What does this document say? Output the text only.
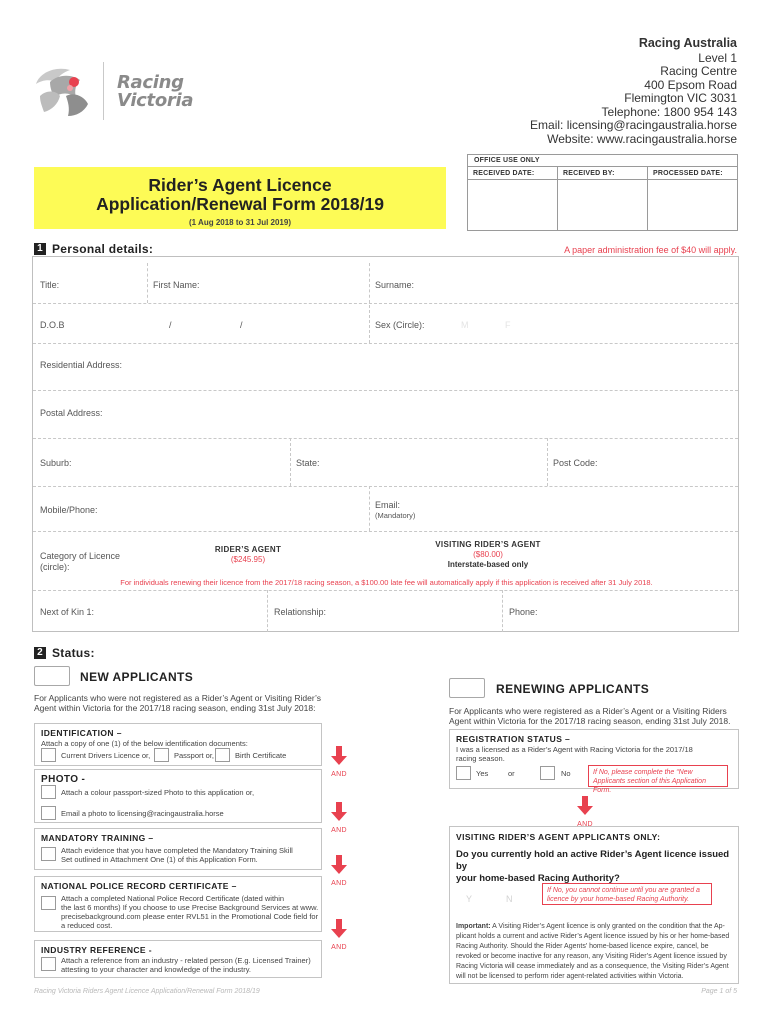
Racing
Victoria
Racing Australia
Level 1
Racing Centre
400 Epsom Road
Flemington VIC 3031
Telephone: 1800 954 143
Email: licensing@racingaustralia.horse
Website: www.racingaustralia.horse
OFFICE USE ONLY
RECEIVED DATE:	RECEIVED BY:	PROCESSED DATE:
Rider’s Agent Licence
Application/Renewal Form 2018/19
(1 Aug 2018 to 31 Jul 2019)
1 Personal details:	A paper administration fee of $40 will apply.
Title:	First Name:	Surname:
D.O.B	/	/	Sex (Circle):	M	F
Residential Address:
Postal Address:
Suburb:	State:	Post Code:
Mobile/Phone:	Email:
(Mandatory)
Category of Licence
(circle):
RIDER’S AGENT
($245.95)
VISITING RIDER’S AGENT
($80.00)
Interstate-based only
For individuals renewing their licence from the 2017/18 racing season, a $100.00 late fee will automatically apply if this application is received after 31 July 2018.
Next of Kin 1:	Relationship:	Phone:
2 Status:
NEW APPLICANTS
For Applicants who were not registered as a Rider’s Agent or Visiting Rider’s
Agent within Victoria for the 2017/18 racing season, ending 31st July 2018:
IDENTIFICATION –
Attach a copy of one (1) of the below identification documents:
Current Drivers Licence or,	Passport or,	Birth Certificate
PHOTO -
Attach a colour passport-sized Photo to this application or,
Email a photo to licensing@racingaustralia.horse
MANDATORY TRAINING –
Attach evidence that you have completed the Mandatory Training Skill
Set outlined in Attachment One (1) of this Application Form.
NATIONAL POLICE RECORD CERTIFICATE –
Attach a completed National Police Record Certificate (dated within
the last 6 months) If you choose to use Precise Background Services at www.
precisebackground.com please enter RVL51 in the Promotional Code field for
a reduced cost.
INDUSTRY REFERENCE -
Attach a reference from an industry - related person (E.g. Licensed Trainer)
attesting to your character and knowledge of the industry.
AND
AND
AND
AND
RENEWING APPLICANTS
For Applicants who were registered as a Rider’s Agent or a Visiting Riders
Agent within Victoria for the 2017/18 racing season, ending 31st July 2018.
REGISTRATION STATUS –
I was a licensed as a Rider’s Agent with Racing Victoria for the 2017/18
racing season.
Yes	or	No	If No, please complete the “New
Applicants section of this Application Form.
AND
VISITING RIDER’S AGENT APPLICANTS ONLY:
Do you currently hold an active Rider’s Agent licence issued by
your home-based Racing Authority?
Y	N
If No, you cannot continue until you are granted a
licence by your home-based Racing Authority.
Important: A Visiting Rider’s Agent licence is only granted on the condition that the Ap-
plicant holds a current and active Rider’s Agent licence issued by his or her home-based
Racing Authority. Should the Rider Agents' home-based licence expire, cancel, be
revoked or become inactive for any reason, any Visiting Rider’s Agent licence issued by
Racing Victoria will cease immediately and as a consequence, the Visiting Rider’s Agent
will not be licensed to perform rider agent-related activities within Victoria.
Racing Victoria Riders Agent Licence Application/Renewal Form 2018/19	Page 1 of 5
